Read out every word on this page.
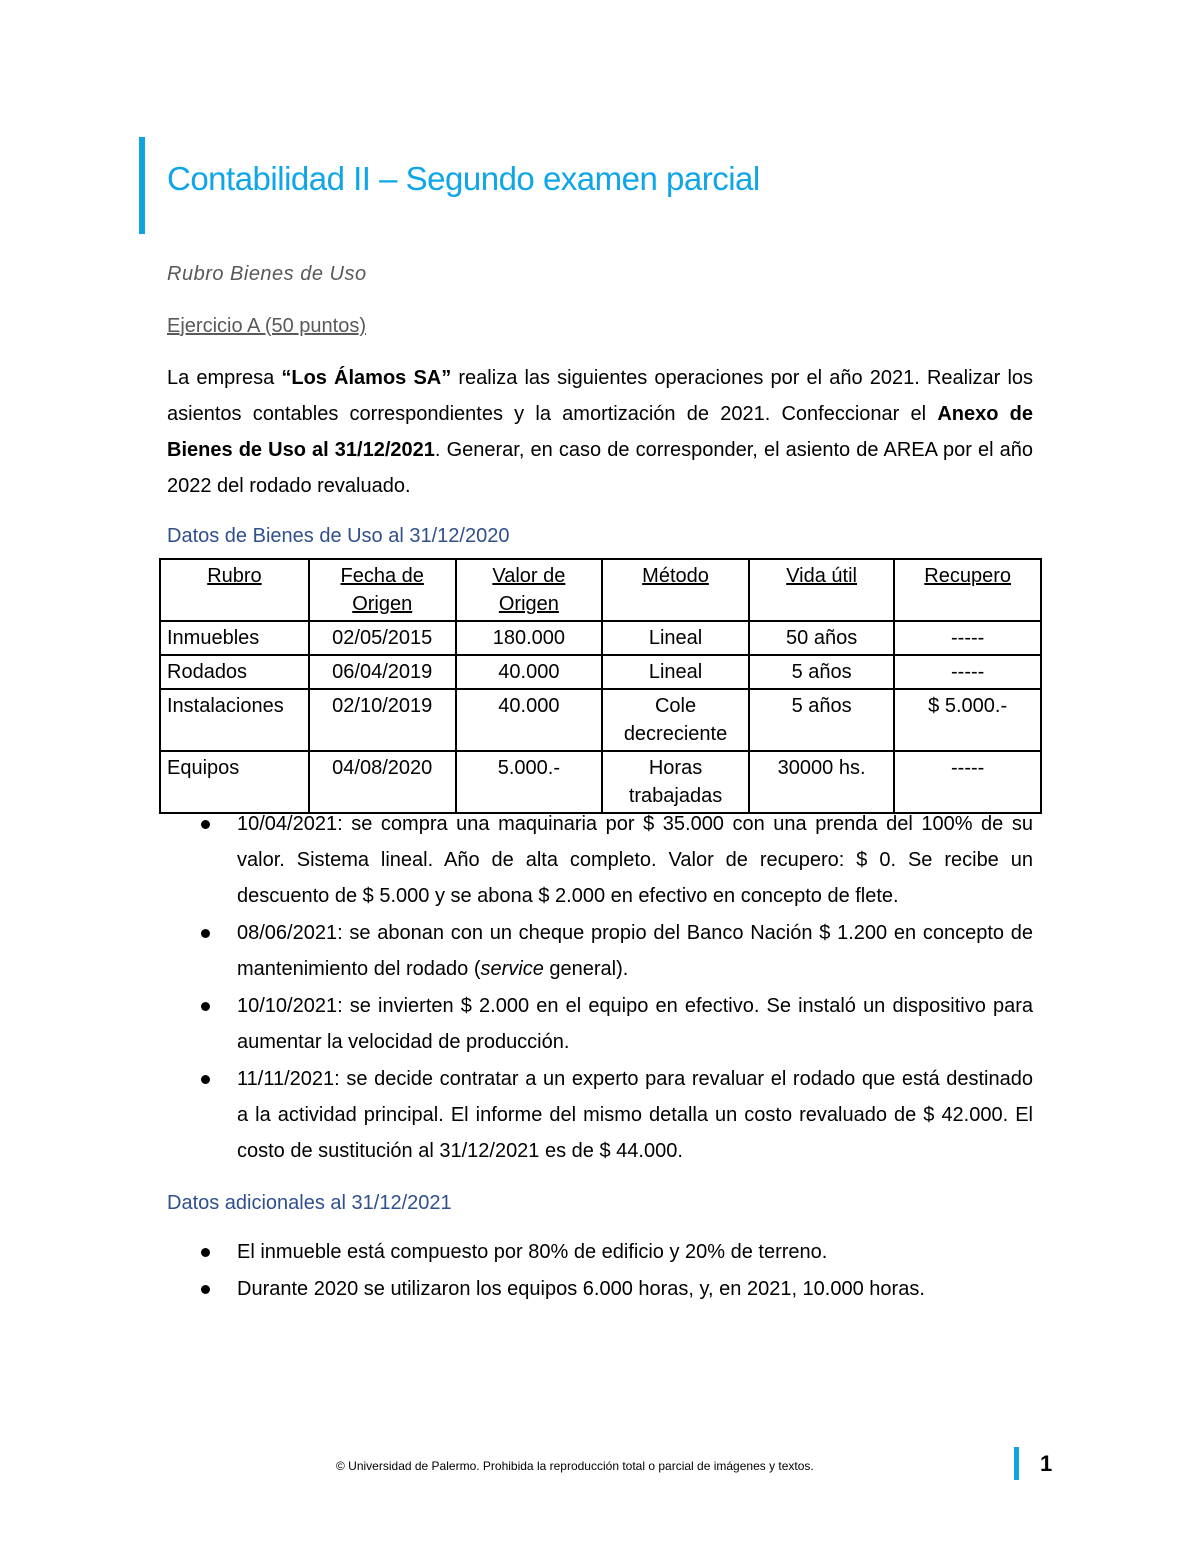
Contabilidad II – Segundo examen parcial
Rubro Bienes de Uso
Ejercicio A (50 puntos)
La empresa “Los Álamos SA” realiza las siguientes operaciones por el año 2021. Realizar los asientos contables correspondientes y la amortización de 2021. Confeccionar el Anexo de Bienes de Uso al 31/12/2021. Generar, en caso de corresponder, el asiento de AREA por el año 2022 del rodado revaluado.
Datos de Bienes de Uso al 31/12/2020
Rubro	Fecha de Origen	Valor de Origen	Método	Vida útil	Recupero
Inmuebles	02/05/2015	180.000	Lineal	50 años	-----
Rodados	06/04/2019	40.000	Lineal	5 años	-----
Instalaciones	02/10/2019	40.000	Cole decreciente	5 años	$ 5.000.-
Equipos	04/08/2020	5.000.-	Horas trabajadas	30000 hs.	-----
10/04/2021: se compra una maquinaria por $ 35.000 con una prenda del 100% de su valor. Sistema lineal. Año de alta completo. Valor de recupero: $ 0. Se recibe un descuento de $ 5.000 y se abona $ 2.000 en efectivo en concepto de flete.
08/06/2021: se abonan con un cheque propio del Banco Nación $ 1.200 en concepto de mantenimiento del rodado (service general).
10/10/2021: se invierten $ 2.000 en el equipo en efectivo. Se instaló un dispositivo para aumentar la velocidad de producción.
11/11/2021: se decide contratar a un experto para revaluar el rodado que está destinado a la actividad principal. El informe del mismo detalla un costo revaluado de $ 42.000. El costo de sustitución al 31/12/2021 es de $ 44.000.
Datos adicionales al 31/12/2021
El inmueble está compuesto por 80% de edificio y 20% de terreno.
Durante 2020 se utilizaron los equipos 6.000 horas, y, en 2021, 10.000 horas.
© Universidad de Palermo. Prohibida la reproducción total o parcial de imágenes y textos.	1
